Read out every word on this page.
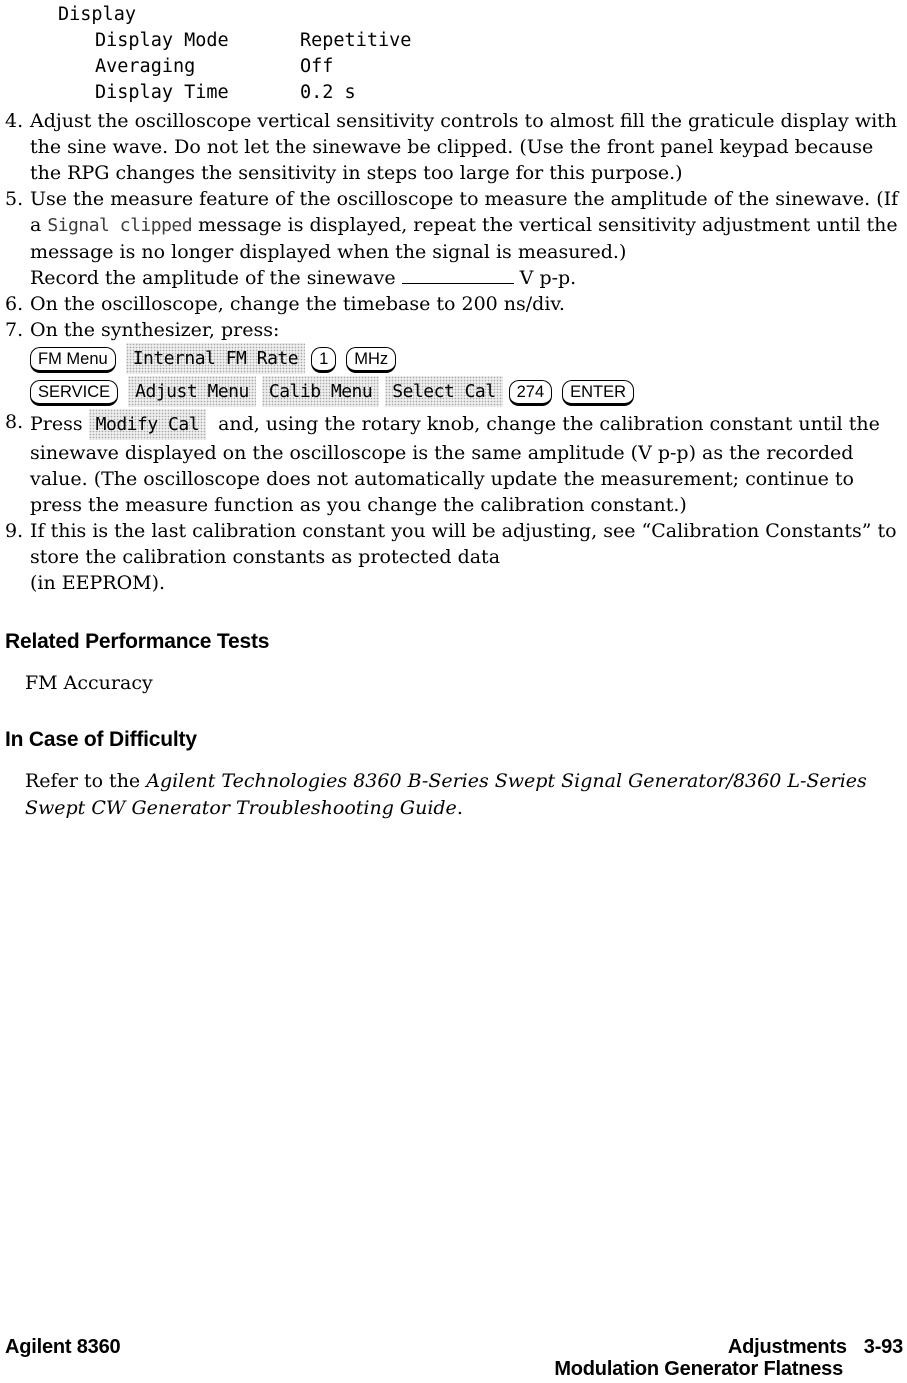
Display
Display Mode	Repetitive
Averaging	Off
Display Time	0.2 s
4. Adjust the oscilloscope vertical sensitivity controls to almost fill the graticule display with the sine wave. Do not let the sinewave be clipped. (Use the front panel keypad because the RPG changes the sensitivity in steps too large for this purpose.)
5. Use the measure feature of the oscilloscope to measure the amplitude of the sinewave. (If a Signal clipped message is displayed, repeat the vertical sensitivity adjustment until the message is no longer displayed when the signal is measured.)
Record the amplitude of the sinewave	V p-p.
6. On the oscilloscope, change the timebase to 200 ns/div.
7. On the synthesizer, press:
FM Menu Internal FM Rate 1 MHz
SERVICE Adjust Menu Calib Menu Select Cal 274 ENTER
8. Press Modify Cal and, using the rotary knob, change the calibration constant until the sinewave displayed on the oscilloscope is the same amplitude (V p-p) as the recorded value. (The oscilloscope does not automatically update the measurement; continue to press the measure function as you change the calibration constant.)
9. If this is the last calibration constant you will be adjusting, see “Calibration Constants” to store the calibration constants as protected data
(in EEPROM).
Related Performance Tests

FM Accuracy

In Case of Difficulty

Refer to the Agilent Technologies 8360 B-Series Swept Signal Generator/8360 L-Series Swept CW Generator Troubleshooting Guide.

Agilent 8360	Adjustments 3-93
Modulation Generator Flatness
